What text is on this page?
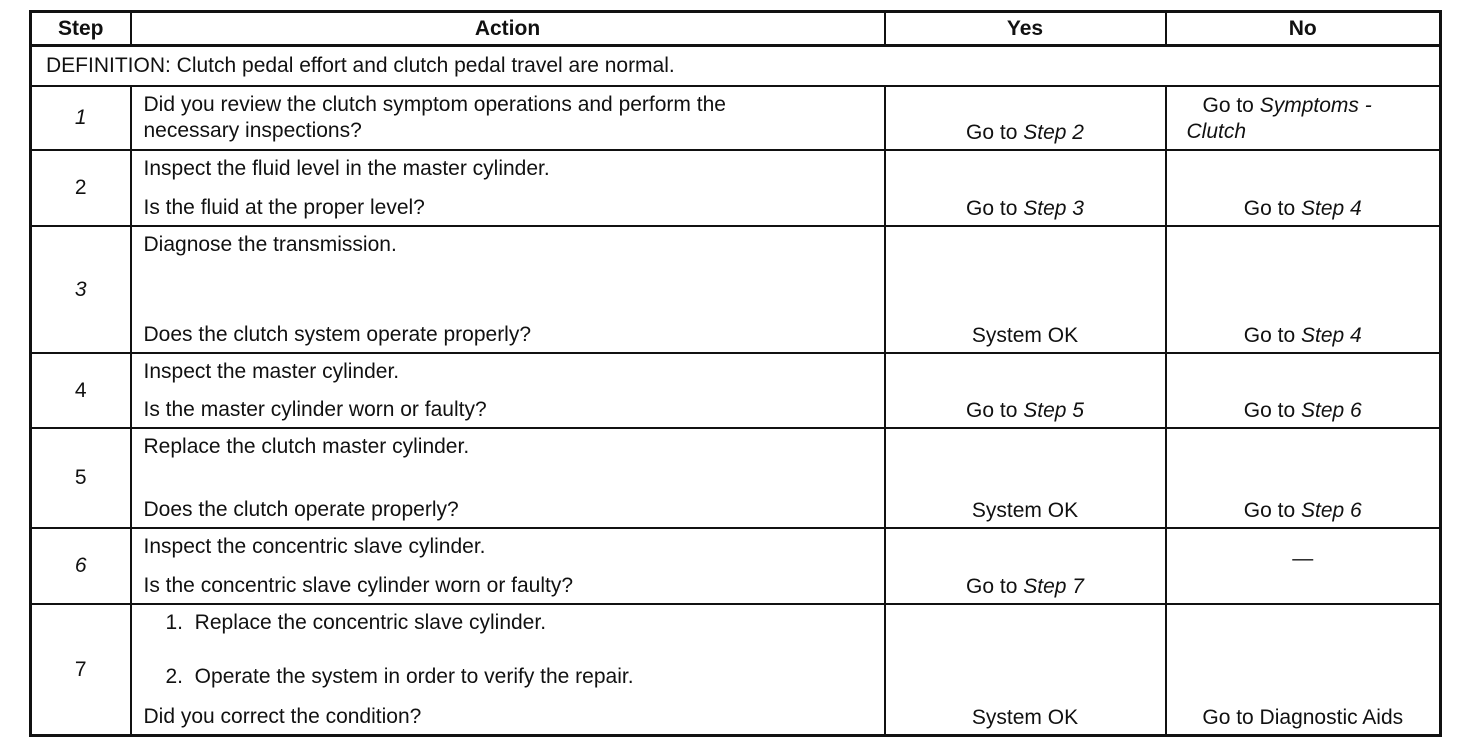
Step	Action	Yes	No
DEFINITION: Clutch pedal effort and clutch pedal travel are normal.			
1	Did you review the clutch symptom operations and perform the
necessary inspections?	Go to Step 2	Go to Symptoms -
Clutch
2	Inspect the fluid level in the master cylinder.
Is the fluid at the proper level?	Go to Step 3	Go to Step 4
3	Diagnose the transmission.
Does the clutch system operate properly?	System OK	Go to Step 4
4	Inspect the master cylinder.
Is the master cylinder worn or faulty?	Go to Step 5	Go to Step 6
5	Replace the clutch master cylinder.
Does the clutch operate properly?	System OK	Go to Step 6
6	Inspect the concentric slave cylinder.
Is the concentric slave cylinder worn or faulty?	Go to Step 7	—
7	1.  Replace the concentric slave cylinder.
2.  Operate the system in order to verify the repair.
Did you correct the condition?	System OK	Go to Diagnostic Aids
